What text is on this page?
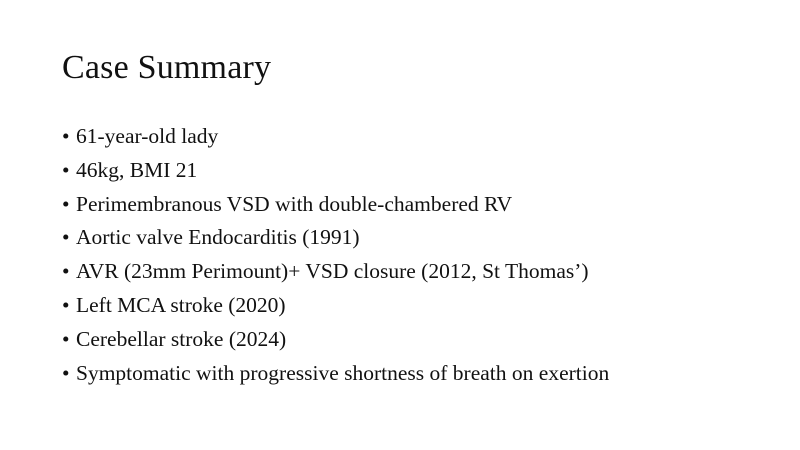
Case Summary
• 61-year-old lady
• 46kg, BMI 21
• Perimembranous VSD with double-chambered RV
• Aortic valve Endocarditis (1991)
• AVR (23mm Perimount)+ VSD closure (2012, St Thomas’)
• Left MCA stroke (2020)
• Cerebellar stroke (2024)
• Symptomatic with progressive shortness of breath on exertion
